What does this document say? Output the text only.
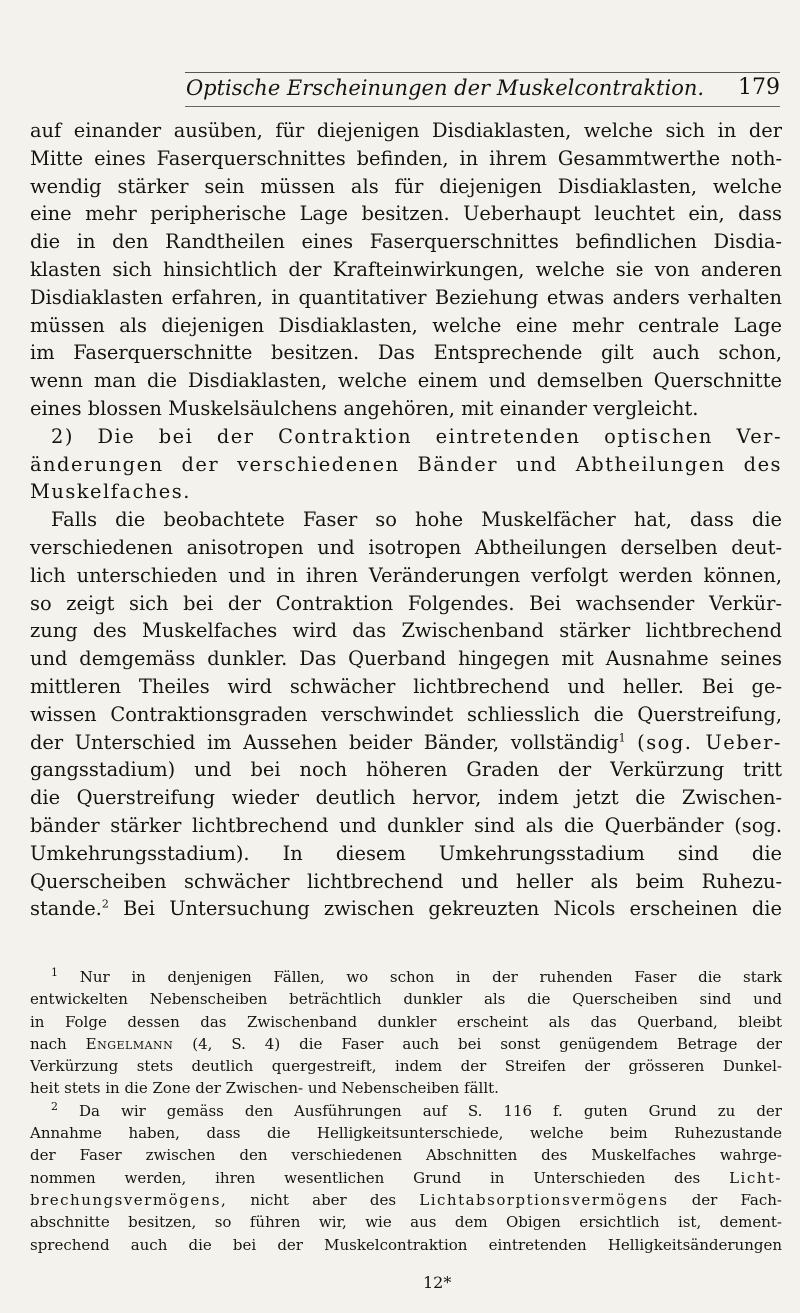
Optische Erscheinungen der Muskelcontraktion. 179
auf einander ausüben, für diejenigen Disdiaklasten, welche sich in der
Mitte eines Faserquerschnittes befinden, in ihrem Gesammtwerthe noth-
wendig stärker sein müssen als für diejenigen Disdiaklasten, welche
eine mehr peripherische Lage besitzen. Ueberhaupt leuchtet ein, dass
die in den Randtheilen eines Faserquerschnittes befindlichen Disdia-
klasten sich hinsichtlich der Krafteinwirkungen, welche sie von anderen
Disdiaklasten erfahren, in quantitativer Beziehung etwas anders verhalten
müssen als diejenigen Disdiaklasten, welche eine mehr centrale Lage
im Faserquerschnitte besitzen. Das Entsprechende gilt auch schon,
wenn man die Disdiaklasten, welche einem und demselben Querschnitte
eines blossen Muskelsäulchens angehören, mit einander vergleicht.
2) Die bei der Contraktion eintretenden optischen Ver-
änderungen der verschiedenen Bänder und Abtheilungen des
Muskelfaches.
Falls die beobachtete Faser so hohe Muskelfächer hat, dass die
verschiedenen anisotropen und isotropen Abtheilungen derselben deut-
lich unterschieden und in ihren Veränderungen verfolgt werden können,
so zeigt sich bei der Contraktion Folgendes. Bei wachsender Verkür-
zung des Muskelfaches wird das Zwischenband stärker lichtbrechend
und demgemäss dunkler. Das Querband hingegen mit Ausnahme seines
mittleren Theiles wird schwächer lichtbrechend und heller. Bei ge-
wissen Contraktionsgraden verschwindet schliesslich die Querstreifung,
der Unterschied im Aussehen beider Bänder, vollständig$^1$ (sog. Ueber-
gangsstadium) und bei noch höheren Graden der Verkürzung tritt
die Querstreifung wieder deutlich hervor, indem jetzt die Zwischen-
bänder stärker lichtbrechend und dunkler sind als die Querbänder (sog.
Umkehrungsstadium). In diesem Umkehrungsstadium sind die
Querscheiben schwächer lichtbrechend und heller als beim Ruhezu-
stande.$^2$ Bei Untersuchung zwischen gekreuzten Nicols erscheinen die
$^1$ Nur in denjenigen Fällen, wo schon in der ruhenden Faser die stark
entwickelten Nebenscheiben beträchtlich dunkler als die Querscheiben sind und
in Folge dessen das Zwischenband dunkler erscheint als das Querband, bleibt
nach Engelmann (4, S. 4) die Faser auch bei sonst genügendem Betrage der
Verkürzung stets deutlich quergestreift, indem der Streifen der grösseren Dunkel-
heit stets in die Zone der Zwischen- und Nebenscheiben fällt.
$^2$ Da wir gemäss den Ausführungen auf S. 116 f. guten Grund zu der
Annahme haben, dass die Helligkeitsunterschiede, welche beim Ruhezustande
der Faser zwischen den verschiedenen Abschnitten des Muskelfaches wahrge-
nommen werden, ihren wesentlichen Grund in Unterschieden des Licht-
brechungsvermögens, nicht aber des Lichtabsorptionsvermögens der Fach-
abschnitte besitzen, so führen wir, wie aus dem Obigen ersichtlich ist, dement-
sprechend auch die bei der Muskelcontraktion eintretenden Helligkeitsänderungen
12*
